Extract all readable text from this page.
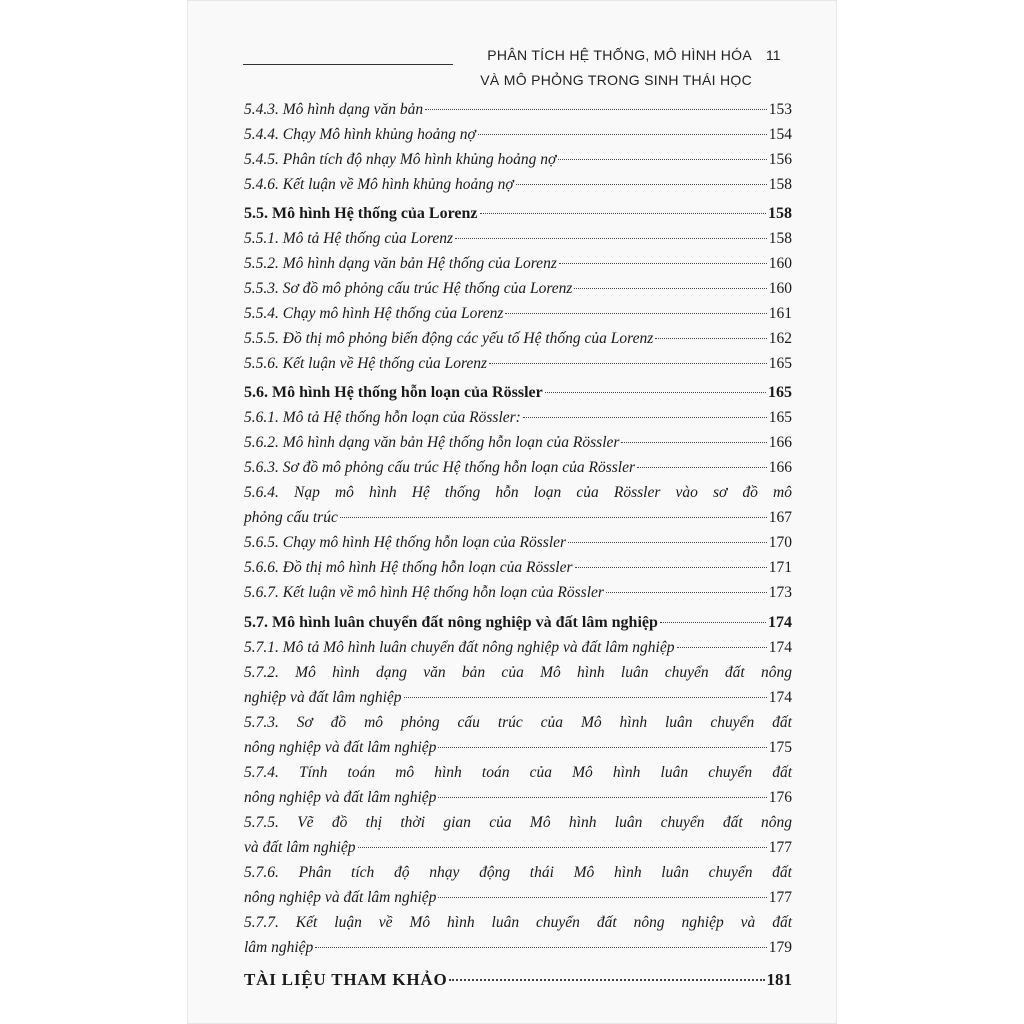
PHÂN TÍCH HỆ THỐNG, MÔ HÌNH HÓA
VÀ MÔ PHỎNG TRONG SINH THÁI HỌC
11
5.4.3. Mô hình dạng văn bản	153
5.4.4. Chạy Mô hình khủng hoảng nợ	154
5.4.5. Phân tích độ nhạy Mô hình khủng hoảng nợ	156
5.4.6. Kết luận về Mô hình khủng hoảng nợ	158
5.5. Mô hình Hệ thống của Lorenz	158
5.5.1. Mô tả Hệ thống của Lorenz	158
5.5.2. Mô hình dạng văn bản Hệ thống của Lorenz	160
5.5.3. Sơ đồ mô phỏng cấu trúc Hệ thống của Lorenz	160
5.5.4. Chạy mô hình Hệ thống của Lorenz	161
5.5.5. Đồ thị mô phỏng biến động các yếu tố Hệ thống của Lorenz	162
5.5.6. Kết luận về Hệ thống của Lorenz	165
5.6. Mô hình Hệ thống hỗn loạn của Rössler	165
5.6.1. Mô tả Hệ thống hỗn loạn của Rössler:	165
5.6.2. Mô hình dạng văn bản Hệ thống hỗn loạn của Rössler	166
5.6.3. Sơ đồ mô phỏng cấu trúc Hệ thống hỗn loạn của Rössler	166
5.6.4. Nạp mô hình Hệ thống hỗn loạn của Rössler vào sơ đồ mô
phỏng cấu trúc	167
5.6.5. Chạy mô hình Hệ thống hỗn loạn của Rössler	170
5.6.6. Đồ thị mô hình Hệ thống hỗn loạn của Rössler	171
5.6.7. Kết luận về mô hình Hệ thống hỗn loạn của Rössler	173
5.7. Mô hình luân chuyển đất nông nghiệp và đất lâm nghiệp	174
5.7.1. Mô tả Mô hình luân chuyển đất nông nghiệp và đất lâm nghiệp	174
5.7.2. Mô hình dạng văn bản của Mô hình luân chuyển đất nông
nghiệp và đất lâm nghiệp	174
5.7.3. Sơ đồ mô phỏng cấu trúc của Mô hình luân chuyển đất
nông nghiệp và đất lâm nghiệp	175
5.7.4. Tính toán mô hình toán của Mô hình luân chuyển đất
nông nghiệp và đất lâm nghiệp	176
5.7.5. Vẽ đồ thị thời gian của Mô hình luân chuyển đất nông
và đất lâm nghiệp	177
5.7.6. Phân tích độ nhạy động thái Mô hình luân chuyển đất
nông nghiệp và đất lâm nghiệp	177
5.7.7. Kết luận về Mô hình luân chuyển đất nông nghiệp và đất
lâm nghiệp	179
TÀI LIỆU THAM KHẢO	181
